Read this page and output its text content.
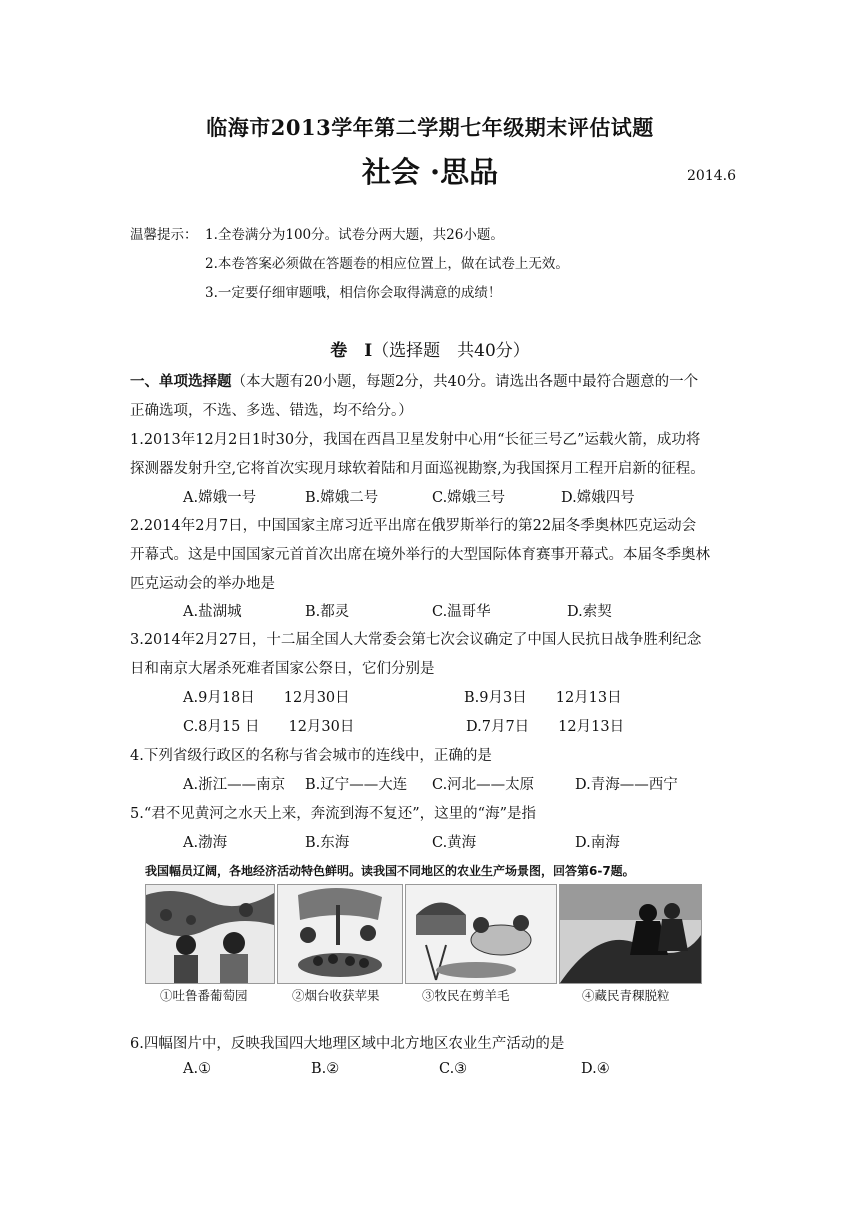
临海市2013学年第二学期七年级期末评估试题
社会 ·思品	2014.6
温馨提示： 1.全卷满分为100分。试卷分两大题，共26小题。
2.本卷答案必须做在答题卷的相应位置上，做在试卷上无效。
3.一定要仔细审题哦，相信你会取得满意的成绩！
卷　Ⅰ（选择题　共40分）
一、单项选择题（本大题有20小题，每题2分，共40分。请选出各题中最符合题意的一个
正确选项，不选、多选、错选，均不给分。）
1.2013年12月2日1时30分，我国在西昌卫星发射中心用“长征三号乙”运载火箭，成功将
探测器发射升空,它将首次实现月球软着陆和月面巡视勘察,为我国探月工程开启新的征程。
A.嫦娥一号	B.嫦娥二号	C.嫦娥三号	D.嫦娥四号
2.2014年2月7日，中国国家主席习近平出席在俄罗斯举行的第22届冬季奥林匹克运动会
开幕式。这是中国国家元首首次出席在境外举行的大型国际体育赛事开幕式。本届冬季奥林
匹克运动会的举办地是
A.盐湖城	B.都灵	C.温哥华	D.索契
3.2014年2月27日，十二届全国人大常委会第七次会议确定了中国人民抗日战争胜利纪念
日和南京大屠杀死难者国家公祭日，它们分别是
A.9月18日　　12月30日	B.9月3日　　12月13日
C.8月15 日　　12月30日	D.7月7日　　12月13日
4.下列省级行政区的名称与省会城市的连线中，正确的是
A.浙江——南京 B.辽宁——大连 C.河北——太原	D.青海——西宁
5.“君不见黄河之水天上来，奔流到海不复还”，这里的“海”是指
A.渤海	B.东海	C.黄海	D.南海
我国幅员辽阔，各地经济活动特色鲜明。读我国不同地区的农业生产场景图，回答第6-7题。
①吐鲁番葡萄园	②烟台收获苹果	③牧民在剪羊毛	④藏民青稞脱粒
6.四幅图片中，反映我国四大地理区域中北方地区农业生产活动的是
A.①	B.②	C.③	D.④
